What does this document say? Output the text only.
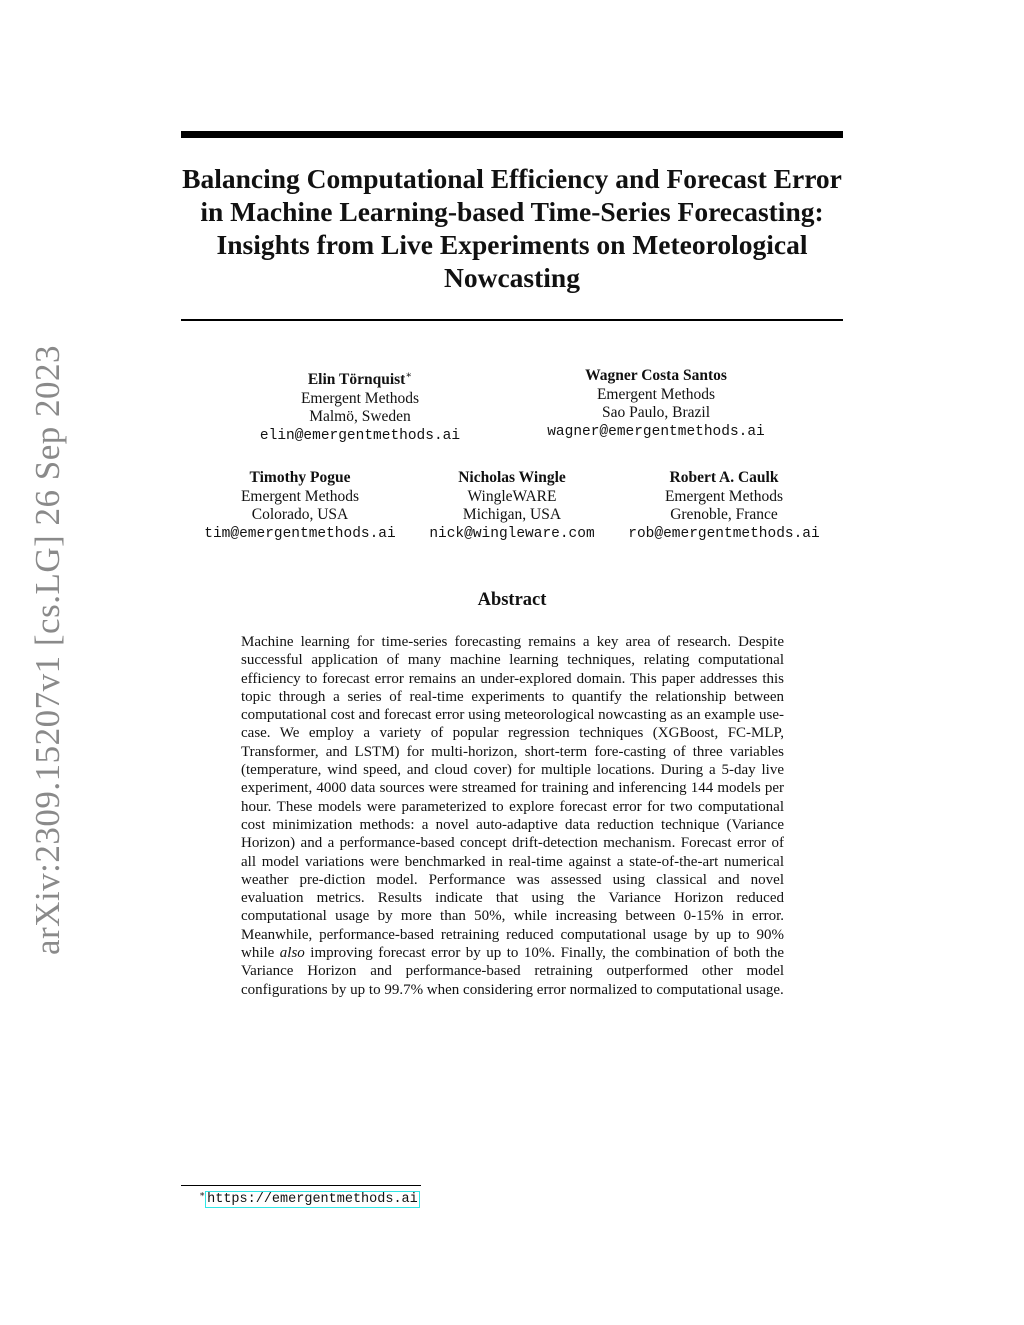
arXiv:2309.15207v1 [cs.LG] 26 Sep 2023
Balancing Computational Efficiency and Forecast Error in Machine Learning-based Time-Series Forecasting: Insights from Live Experiments on Meteorological Nowcasting
Elin Törnquist∗
Emergent Methods
Malmö, Sweden
elin@emergentmethods.ai
Wagner Costa Santos
Emergent Methods
Sao Paulo, Brazil
wagner@emergentmethods.ai
Timothy Pogue
Emergent Methods
Colorado, USA
tim@emergentmethods.ai
Nicholas Wingle
WingleWARE
Michigan, USA
nick@wingleware.com
Robert A. Caulk
Emergent Methods
Grenoble, France
rob@emergentmethods.ai
Abstract

Machine learning for time-series forecasting remains a key area of research. Despite successful application of many machine learning techniques, relating computational efficiency to forecast error remains an under-explored domain. This paper addresses this topic through a series of real-time experiments to quantify the relationship between computational cost and forecast error using meteorological nowcasting as an example use-case. We employ a variety of popular regression techniques (XGBoost, FC-MLP, Transformer, and LSTM) for multi-horizon, short-term fore-casting of three variables (temperature, wind speed, and cloud cover) for multiple locations. During a 5-day live experiment, 4000 data sources were streamed for training and inferencing 144 models per hour. These models were parameterized to explore forecast error for two computational cost minimization methods: a novel auto-adaptive data reduction technique (Variance Horizon) and a performance-based concept drift-detection mechanism. Forecast error of all model variations were benchmarked in real-time against a state-of-the-art numerical weather pre-diction model. Performance was assessed using classical and novel evaluation metrics. Results indicate that using the Variance Horizon reduced computational usage by more than 50%, while increasing between 0-15% in error. Meanwhile, performance-based retraining reduced computational usage by up to 90% while also improving forecast error by up to 10%. Finally, the combination of both the Variance Horizon and performance-based retraining outperformed other model configurations by up to 99.7% when considering error normalized to computational usage.

∗ https://emergentmethods.ai
